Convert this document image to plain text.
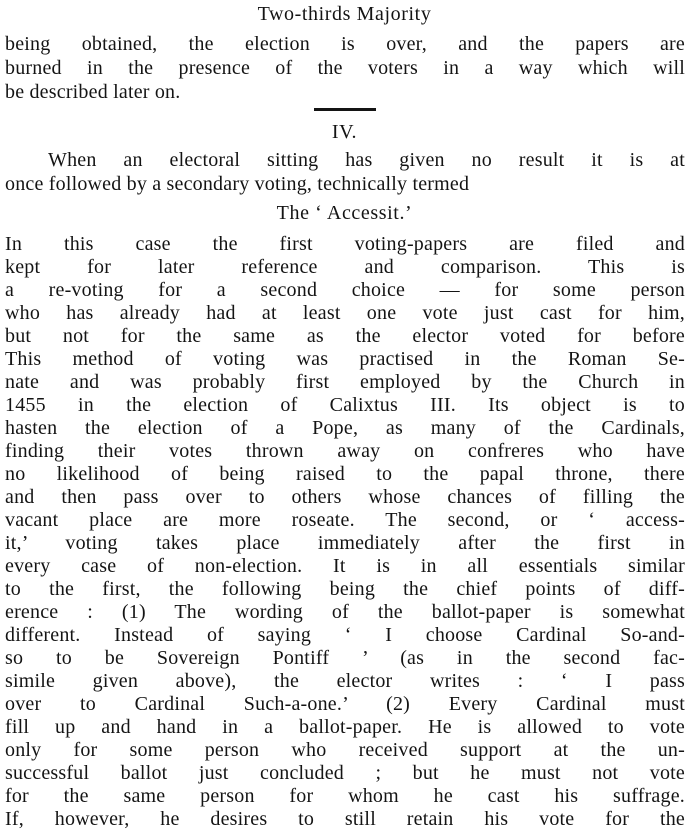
Two-thirds Majority
being obtained, the election is over, and the papers are
burned in the presence of the voters in a way which will
be described later on.
IV.
When an electoral sitting has given no result it is at
once followed by a secondary voting, technically termed
The ‘ Accessit.’
In this case the first voting-papers are filed and
kept for later reference and comparison. This is
a re-voting for a second choice — for some person
who has already had at least one vote just cast for him,
but not for the same as the elector voted for before
This method of voting was practised in the Roman Se-
nate and was probably first employed by the Church in
1455 in the election of Calixtus III. Its object is to
hasten the election of a Pope, as many of the Cardinals,
finding their votes thrown away on confreres who have
no likelihood of being raised to the papal throne, there
and then pass over to others whose chances of filling the
vacant place are more roseate. The second, or ‘ access-
it,’ voting takes place immediately after the first in
every case of non-election. It is in all essentials similar
to the first, the following being the chief points of diff-
erence : (1) The wording of the ballot-paper is somewhat
different. Instead of saying ‘ I choose Cardinal So-and-
so to be Sovereign Pontiff ’ (as in the second fac-
simile given above), the elector writes : ‘ I pass
over to Cardinal Such-a-one.’ (2) Every Cardinal must
fill up and hand in a ballot-paper. He is allowed to vote
only for some person who received support at the un-
successful ballot just concluded ; but he must not vote
for the same person for whom he cast his suffrage.
If, however, he desires to still retain his vote for the
